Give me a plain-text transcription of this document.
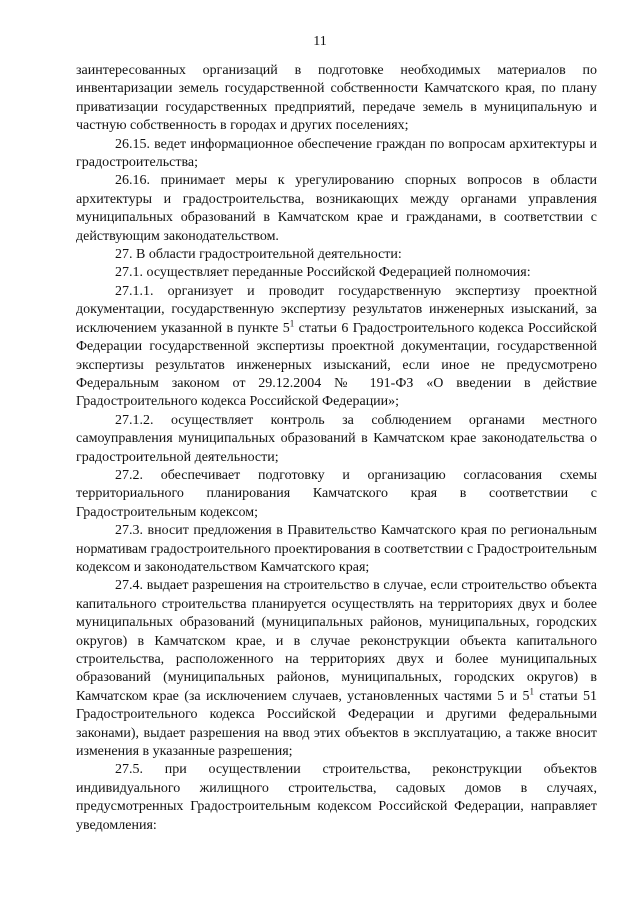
11

заинтересованных организаций в подготовке необходимых материалов по инвентаризации земель государственной собственности Камчатского края, по плану приватизации государственных предприятий, передаче земель в муниципальную и частную собственность в городах и других поселениях;

26.15. ведет информационное обеспечение граждан по вопросам архитектуры и градостроительства;

26.16. принимает меры к урегулированию спорных вопросов в области архитектуры и градостроительства, возникающих между органами управления муниципальных образований в Камчатском крае и гражданами, в соответствии с действующим законодательством.

27. В области градостроительной деятельности:

27.1. осуществляет переданные Российской Федерацией полномочия:

27.1.1. организует и проводит государственную экспертизу проектной документации, государственную экспертизу результатов инженерных изысканий, за исключением указанной в пункте $5^1$ статьи 6 Градостроительного кодекса Российской Федерации государственной экспертизы проектной документации, государственной экспертизы результатов инженерных изысканий, если иное не предусмотрено Федеральным законом от 29.12.2004 № 191-ФЗ «О введении в действие Градостроительного кодекса Российской Федерации»;

27.1.2. осуществляет контроль за соблюдением органами местного самоуправления муниципальных образований в Камчатском крае законодательства о градостроительной деятельности;

27.2. обеспечивает подготовку и организацию согласования схемы территориального планирования Камчатского края в соответствии с Градостроительным кодексом;

27.3. вносит предложения в Правительство Камчатского края по региональным нормативам градостроительного проектирования в соответствии с Градостроительным кодексом и законодательством Камчатского края;

27.4. выдает разрешения на строительство в случае, если строительство объекта капитального строительства планируется осуществлять на территориях двух и более муниципальных образований (муниципальных районов, муниципальных, городских округов) в Камчатском крае, и в случае реконструкции объекта капитального строительства, расположенного на территориях двух и более муниципальных образований (муниципальных районов, муниципальных, городских округов) в Камчатском крае (за исключением случаев, установленных частями 5 и $5^1$ статьи 51 Градостроительного кодекса Российской Федерации и другими федеральными законами), выдает разрешения на ввод этих объектов в эксплуатацию, а также вносит изменения в указанные разрешения;

27.5. при осуществлении строительства, реконструкции объектов индивидуального жилищного строительства, садовых домов в случаях, предусмотренных Градостроительным кодексом Российской Федерации, направляет уведомления:
